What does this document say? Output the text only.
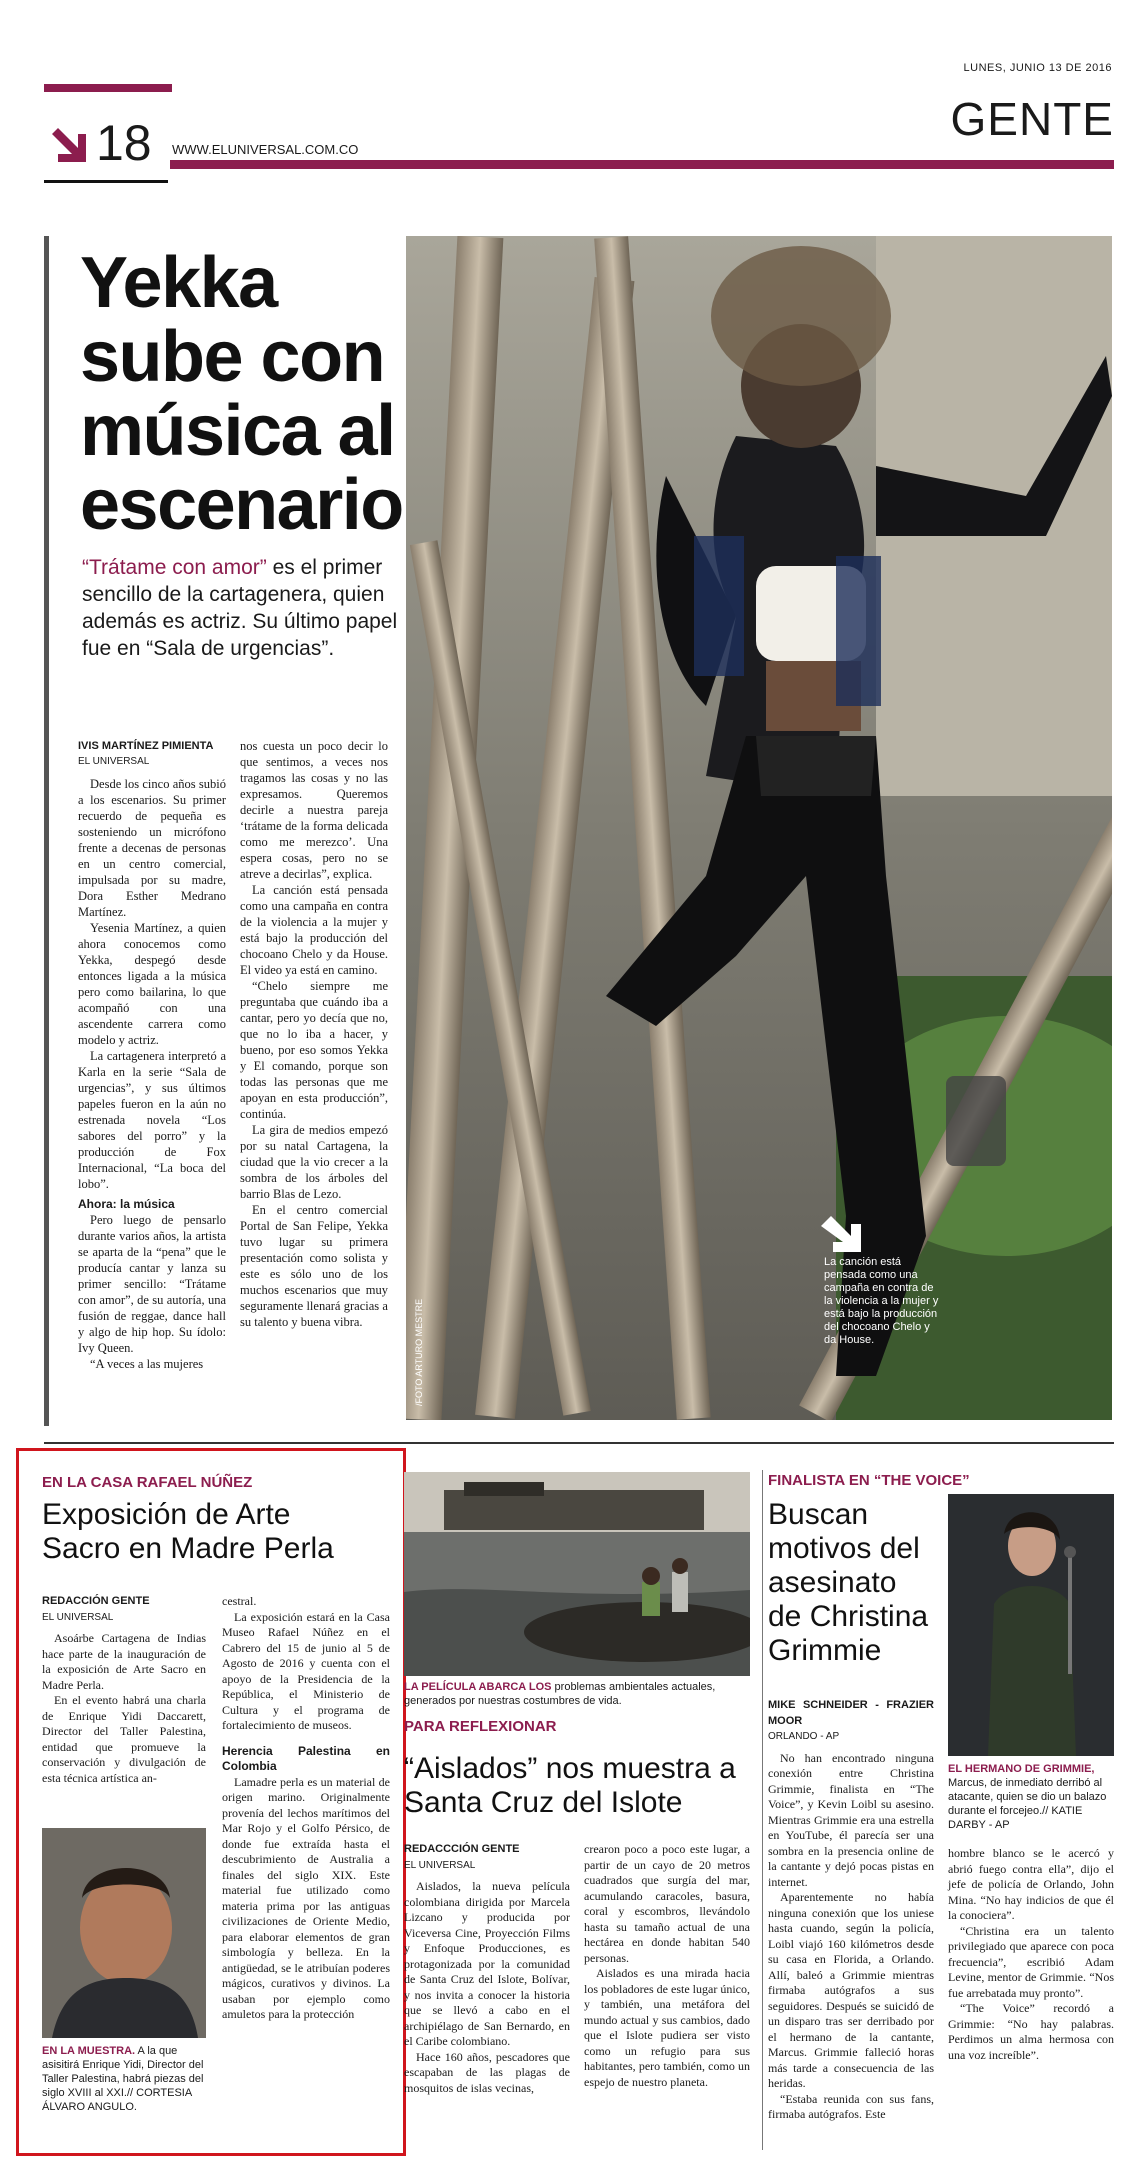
LUNES, JUNIO 13 DE 2016
GENTE
18 WWW.ELUNIVERSAL.COM.CO
Yekka sube con música al escenario
“Trátame con amor” es el primer sencillo de la cartagenera, quien además es actriz. Su último papel fue en “Sala de urgencias”.
IVIS MARTÍNEZ PIMIENTA
EL UNIVERSAL

Desde los cinco años subió a los escenarios. Su primer recuerdo de pequeña es sosteniendo un micrófono frente a decenas de personas en un centro comercial, impulsada por su madre, Dora Esther Medrano Martínez.

Yesenia Martínez, a quien ahora conocemos como Yekka, despegó desde entonces ligada a la música pero como bailarina, lo que acompañó con una ascendente carrera como modelo y actriz.

La cartagenera interpretó a Karla en la serie “Sala de urgencias”, y sus últimos papeles fueron en la aún no estrenada novela “Los sabores del porro” y la producción de Fox Internacional, “La boca del lobo”.

Ahora: la música

Pero luego de pensarlo durante varios años, la artista se aparta de la “pena” que le producía cantar y lanza su primer sencillo: “Trátame con amor”, de su autoría, una fusión de reggae, dance hall y algo de hip hop. Su ídolo: Ivy Queen.

“A veces a las mujeres

nos cuesta un poco decir lo que sentimos, a veces nos tragamos las cosas y no las expresamos. Queremos decirle a nuestra pareja ‘trátame de la forma delicada como me merezco’. Una espera cosas, pero no se atreve a decirlas”, explica.

La canción está pensada como una campaña en contra de la violencia a la mujer y está bajo la producción del chocoano Chelo y da House. El video ya está en camino.

“Chelo siempre me preguntaba que cuándo iba a cantar, pero yo decía que no, que no lo iba a hacer, y bueno, por eso somos Yekka y El comando, porque son todas las personas que me apoyan en esta producción”, continúa.

La gira de medios empezó por su natal Cartagena, la ciudad que la vio crecer a la sombra de los árboles del barrio Blas de Lezo.

En el centro comercial Portal de San Felipe, Yekka tuvo lugar su primera presentación como solista y este es sólo uno de los muchos escenarios que muy seguramente llenará gracias a su talento y buena vibra.

La canción está pensada como una campaña en contra de la violencia a la mujer y está bajo la producción del chocoano Chelo y da House.
/FOTO ARTURO MESTRE
EN LA CASA RAFAEL NÚÑEZ
Exposición de Arte Sacro en Madre Perla
REDACCIÓN GENTE
EL UNIVERSAL

Asoárbe Cartagena de Indias hace parte de la inauguración de la exposición de Arte Sacro en Madre Perla.

En el evento habrá una charla de Enrique Yidi Daccarett, Director del Taller Palestina, entidad que promueve la conservación y divulgación de esta técnica artística an-

EN LA MUESTRA. A la que asisitirá Enrique Yidi, Director del Taller Palestina, habrá piezas del siglo XVIII al XXI.// CORTESIA ÁLVARO ANGULO.

cestral.

La exposición estará en la Casa Museo Rafael Núñez en el Cabrero del 15 de junio al 5 de Agosto de 2016 y cuenta con el apoyo de la Presidencia de la República, el Ministerio de Cultura y el programa de fortalecimiento de museos.

Herencia Palestina en Colombia

Lamadre perla es un material de origen marino. Originalmente provenía del lechos marítimos del Mar Rojo y el Golfo Pérsico, de donde fue extraída hasta el descubrimiento de Australia a finales del siglo XIX. Este material fue utilizado como materia prima por las antiguas civilizaciones de Oriente Medio, para elaborar elementos de gran simbología y belleza. En la antigüedad, se le atribuían poderes mágicos, curativos y divinos. La usaban por ejemplo como amuletos para la protección

LA PELÍCULA ABARCA LOS problemas ambientales actuales, generados por nuestras costumbres de vida.
PARA REFLEXIONAR
“Aislados” nos muestra a Santa Cruz del Islote
REDACCCIÓN GENTE
EL UNIVERSAL

Aislados, la nueva película colombiana dirigida por Marcela Lizcano y producida por Viceversa Cine, Proyección Films y Enfoque Producciones, es protagonizada por la comunidad de Santa Cruz del Islote, Bolívar, y nos invita a conocer la historia que se llevó a cabo en el archipiélago de San Bernardo, en el Caribe colombiano.

Hace 160 años, pescadores que escapaban de las plagas de mosquitos de islas vecinas,

crearon poco a poco este lugar, a partir de un cayo de 20 metros cuadrados que surgía del mar, acumulando caracoles, basura, coral y escombros, llevándolo hasta su tamaño actual de una hectárea en donde habitan 540 personas.

Aislados es una mirada hacia los pobladores de este lugar único, y también, una metáfora del mundo actual y sus cambios, dado que el Islote pudiera ser visto como un refugio para sus habitantes, pero también, como un espejo de nuestro planeta.

FINALISTA EN “THE VOICE”
Buscan motivos del asesinato de Christina Grimmie
EL HERMANO DE GRIMMIE, Marcus, de inmediato derribó al atacante, quien se dio un balazo durante el forcejeo.// KATIE DARBY - AP
MIKE SCHNEIDER - FRAZIER MOOR
ORLANDO - AP

No han encontrado ninguna conexión entre Christina Grimmie, finalista en “The Voice”, y Kevin Loibl su asesino. Mientras Grimmie era una estrella en YouTube, él parecía ser una sombra en la presencia online de la cantante y dejó pocas pistas en internet.

Aparentemente no había ninguna conexión que los uniese hasta cuando, según la policía, Loibl viajó 160 kilómetros desde su casa en Florida, a Orlando. Allí, baleó a Grimmie mientras firmaba autógrafos a sus seguidores. Después se suicidó de un disparo tras ser derribado por el hermano de la cantante, Marcus. Grimmie falleció horas más tarde a consecuencia de las heridas.

“Estaba reunida con sus fans, firmaba autógrafos. Este

hombre blanco se le acercó y abrió fuego contra ella”, dijo el jefe de policía de Orlando, John Mina. “No hay indicios de que él la conociera”.

“Christina era un talento privilegiado que aparece con poca frecuencia”, escribió Adam Levine, mentor de Grimmie. “Nos fue arrebatada muy pronto”.

“The Voice” recordó a Grimmie: “No hay palabras. Perdimos un alma hermosa con una voz increíble”.
